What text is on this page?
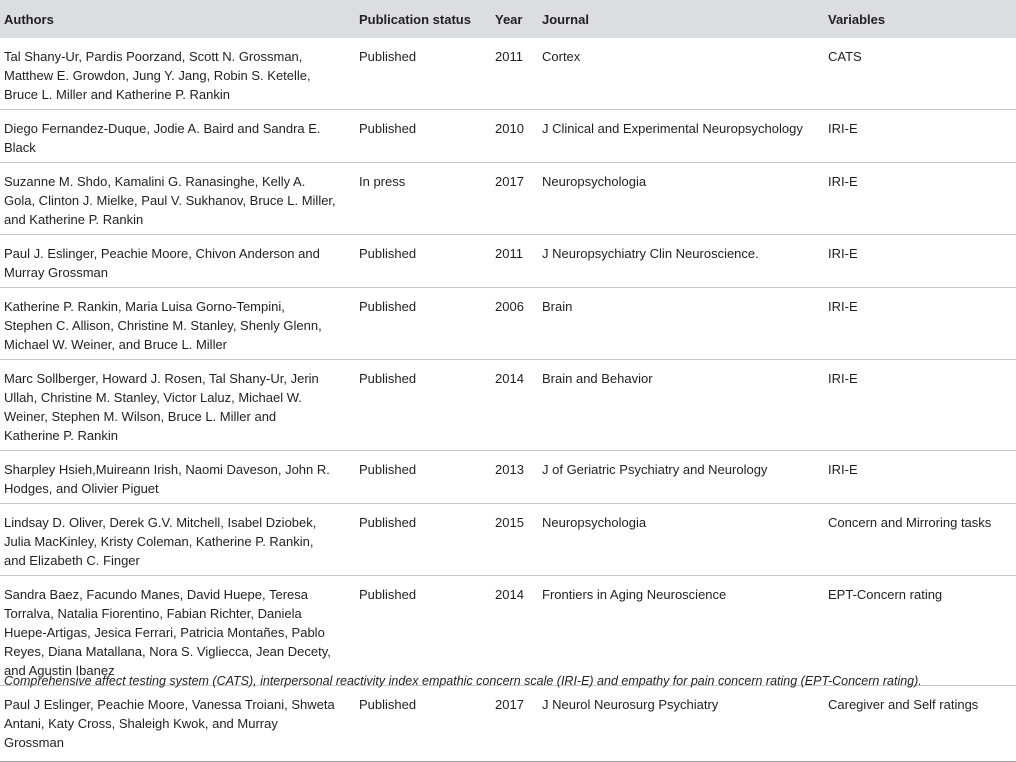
Authors	Publication status	Year	Journal	Variables
Tal Shany-Ur, Pardis Poorzand, Scott N. Grossman,
Matthew E. Growdon, Jung Y. Jang, Robin S. Ketelle,
Bruce L. Miller and Katherine P. Rankin	Published	2011	Cortex	CATS
Diego Fernandez-Duque, Jodie A. Baird and Sandra E.
Black	Published	2010	J Clinical and Experimental Neuropsychology	IRI-E
Suzanne M. Shdo, Kamalini G. Ranasinghe, Kelly A.
Gola, Clinton J. Mielke, Paul V. Sukhanov, Bruce L. Miller,
and Katherine P. Rankin	In press	2017	Neuropsychologia	IRI-E
Paul J. Eslinger, Peachie Moore, Chivon Anderson and
Murray Grossman	Published	2011	J Neuropsychiatry Clin Neuroscience.	IRI-E
Katherine P. Rankin, Maria Luisa Gorno-Tempini,
Stephen C. Allison, Christine M. Stanley, Shenly Glenn,
Michael W. Weiner, and Bruce L. Miller	Published	2006	Brain	IRI-E
Marc Sollberger, Howard J. Rosen, Tal Shany-Ur, Jerin
Ullah, Christine M. Stanley, Victor Laluz, Michael W.
Weiner, Stephen M. Wilson, Bruce L. Miller and
Katherine P. Rankin	Published	2014	Brain and Behavior	IRI-E
Sharpley Hsieh,Muireann Irish, Naomi Daveson, John R.
Hodges, and Olivier Piguet	Published	2013	J of Geriatric Psychiatry and Neurology	IRI-E
Lindsay D. Oliver, Derek G.V. Mitchell, Isabel Dziobek,
Julia MacKinley, Kristy Coleman, Katherine P. Rankin,
and Elizabeth C. Finger	Published	2015	Neuropsychologia	Concern and Mirroring tasks
Sandra Baez, Facundo Manes, David Huepe, Teresa
Torralva, Natalia Fiorentino, Fabian Richter, Daniela
Huepe-Artigas, Jesica Ferrari, Patricia Montañes, Pablo
Reyes, Diana Matallana, Nora S. Vigliecca, Jean Decety,
and Agustin Ibanez	Published	2014	Frontiers in Aging Neuroscience	EPT-Concern rating
Paul J Eslinger, Peachie Moore, Vanessa Troiani, Shweta
Antani, Katy Cross, Shaleigh Kwok, and Murray
Grossman	Published	2017	J Neurol Neurosurg Psychiatry	Caregiver and Self ratings
Comprehensive affect testing system (CATS), interpersonal reactivity index empathic concern scale (IRI-E) and empathy for pain concern rating (EPT-Concern rating).
